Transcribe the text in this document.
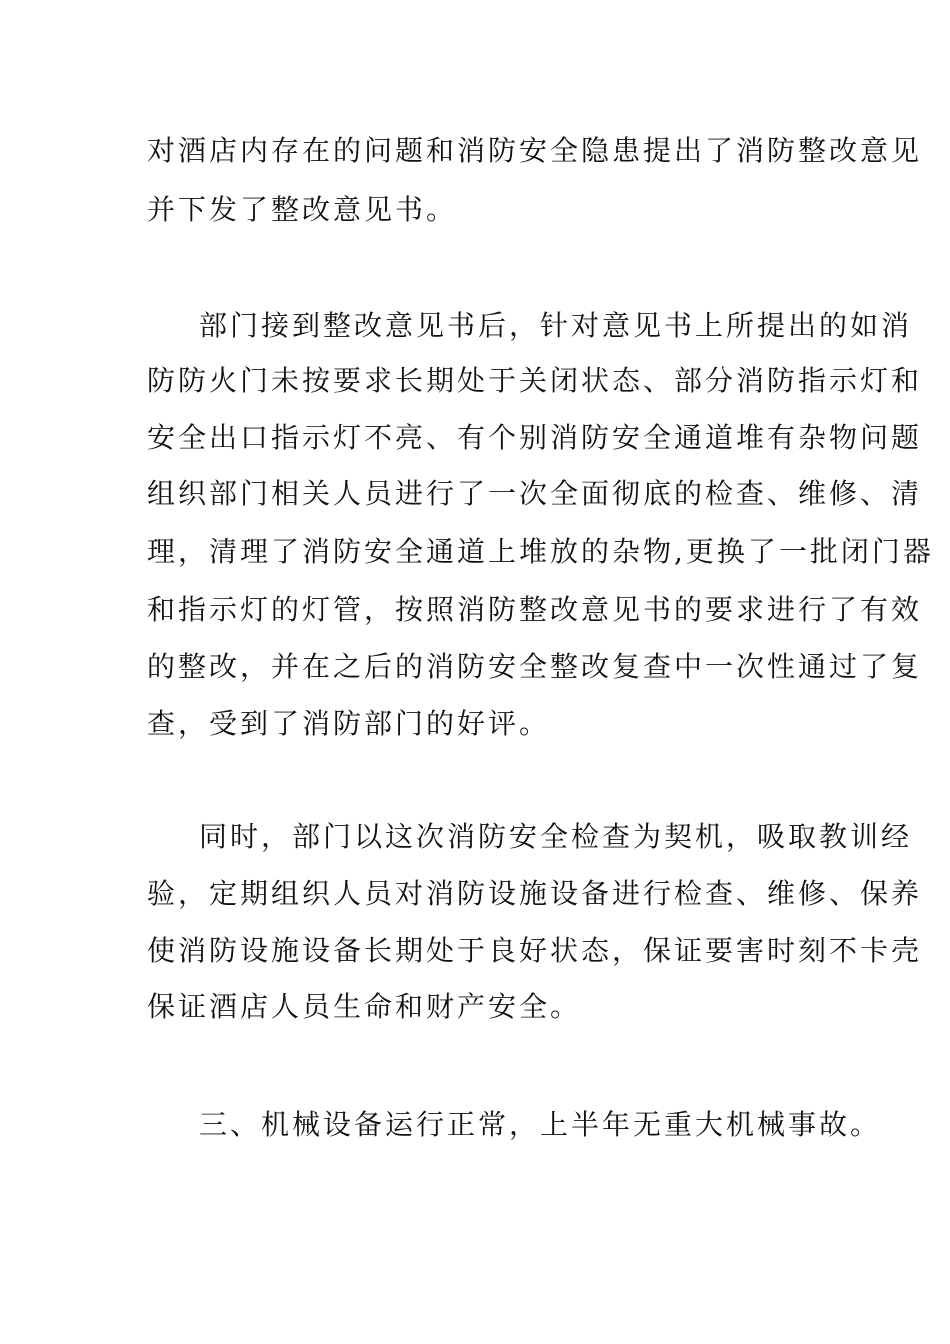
对酒店内存在的问题和消防安全隐患提出了消防整改意见
并下发了整改意见书。
部门接到整改意见书后，针对意见书上所提出的如消
防防火门未按要求长期处于关闭状态、部分消防指示灯和
安全出口指示灯不亮、有个别消防安全通道堆有杂物问题
组织部门相关人员进行了一次全面彻底的检查、维修、清
理，清理了消防安全通道上堆放的杂物,更换了一批闭门器
和指示灯的灯管，按照消防整改意见书的要求进行了有效
的整改，并在之后的消防安全整改复查中一次性通过了复
查，受到了消防部门的好评。
同时，部门以这次消防安全检查为契机，吸取教训经
验，定期组织人员对消防设施设备进行检查、维修、保养
使消防设施设备长期处于良好状态，保证要害时刻不卡壳
保证酒店人员生命和财产安全。
三、机械设备运行正常，上半年无重大机械事故。
